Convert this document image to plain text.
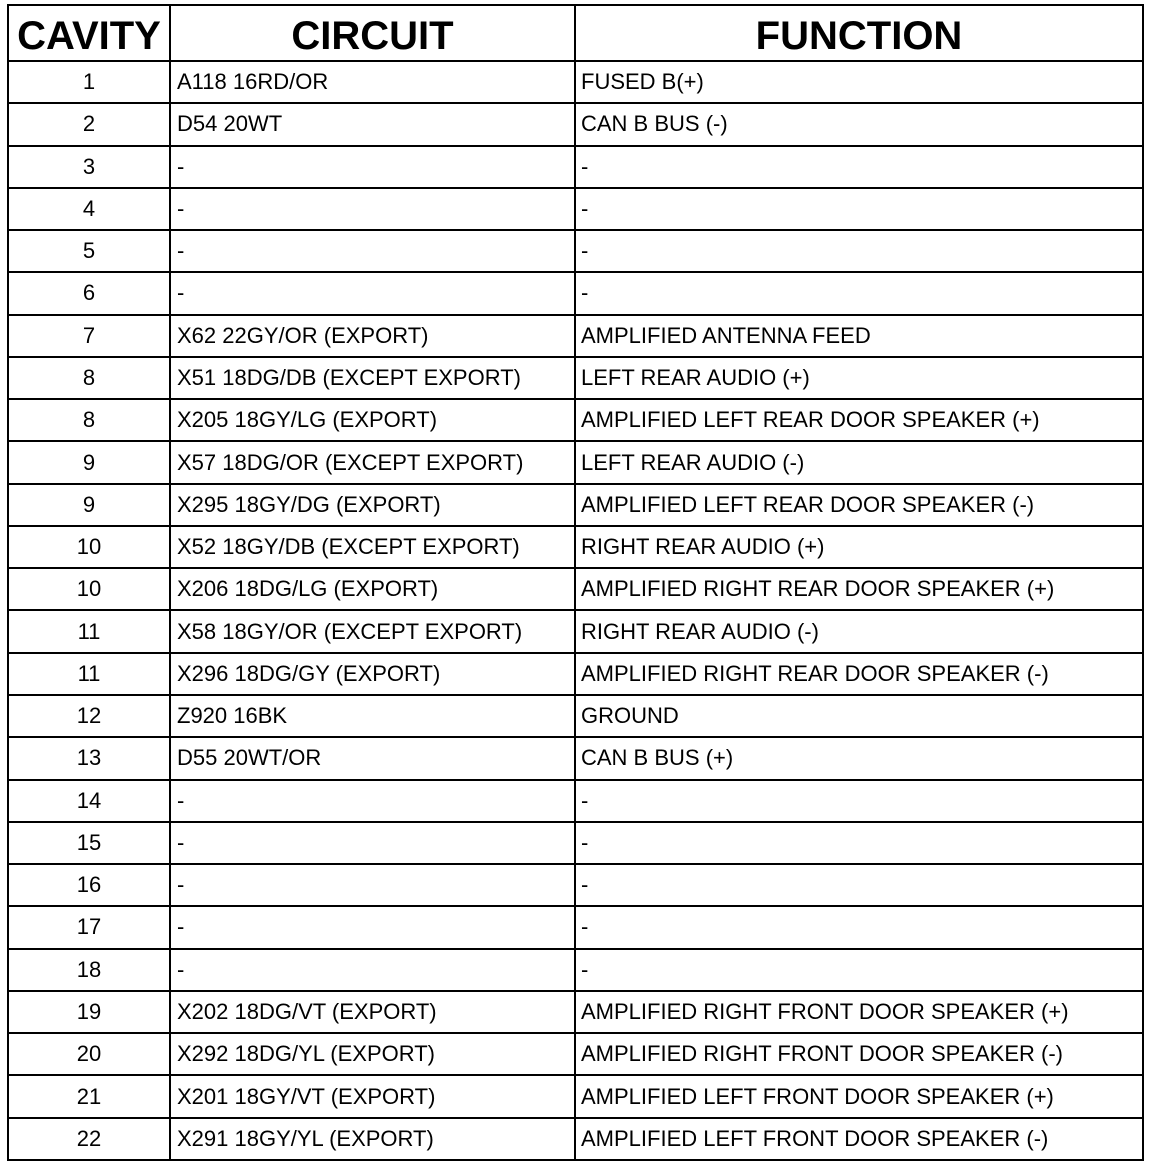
CAVITY	CIRCUIT	FUNCTION
1	A118 16RD/OR	FUSED B(+)
2	D54 20WT	CAN B BUS (-)
3	-	-
4	-	-
5	-	-
6	-	-
7	X62 22GY/OR (EXPORT)	AMPLIFIED ANTENNA FEED
8	X51 18DG/DB (EXCEPT EXPORT)	LEFT REAR AUDIO (+)
8	X205 18GY/LG (EXPORT)	AMPLIFIED LEFT REAR DOOR SPEAKER (+)
9	X57 18DG/OR (EXCEPT EXPORT)	LEFT REAR AUDIO (-)
9	X295 18GY/DG (EXPORT)	AMPLIFIED LEFT REAR DOOR SPEAKER (-)
10	X52 18GY/DB (EXCEPT EXPORT)	RIGHT REAR AUDIO (+)
10	X206 18DG/LG (EXPORT)	AMPLIFIED RIGHT REAR DOOR SPEAKER (+)
11	X58 18GY/OR (EXCEPT EXPORT)	RIGHT REAR AUDIO (-)
11	X296 18DG/GY (EXPORT)	AMPLIFIED RIGHT REAR DOOR SPEAKER (-)
12	Z920 16BK	GROUND
13	D55 20WT/OR	CAN B BUS (+)
14	-	-
15	-	-
16	-	-
17	-	-
18	-	-
19	X202 18DG/VT (EXPORT)	AMPLIFIED RIGHT FRONT DOOR SPEAKER (+)
20	X292 18DG/YL (EXPORT)	AMPLIFIED RIGHT FRONT DOOR SPEAKER (-)
21	X201 18GY/VT (EXPORT)	AMPLIFIED LEFT FRONT DOOR SPEAKER (+)
22	X291 18GY/YL (EXPORT)	AMPLIFIED LEFT FRONT DOOR SPEAKER (-)
